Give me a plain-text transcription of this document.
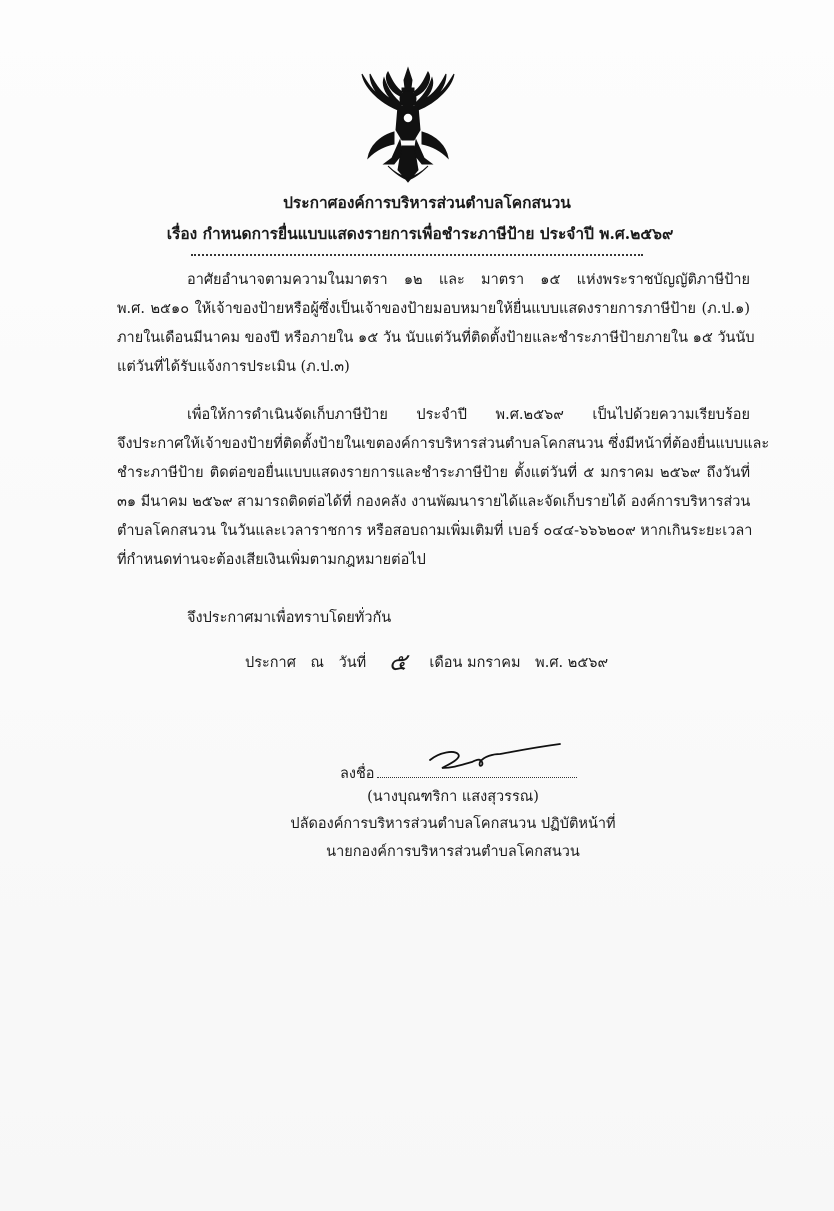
ประกาศองค์การบริหารส่วนตำบลโคกสนวน
เรื่อง กำหนดการยื่นแบบแสดงรายการเพื่อชำระภาษีป้าย ประจำปี พ.ศ.๒๕๖๙
อาศัยอำนาจตามความในมาตรา ๑๒ และ มาตรา ๑๕ แห่งพระราชบัญญัติภาษีป้าย
พ.ศ. ๒๕๑๐ ให้เจ้าของป้ายหรือผู้ซึ่งเป็นเจ้าของป้ายมอบหมายให้ยื่นแบบแสดงรายการภาษีป้าย (ภ.ป.๑)
ภายในเดือนมีนาคม ของปี หรือภายใน ๑๕ วัน นับแต่วันที่ติดตั้งป้ายและชำระภาษีป้ายภายใน ๑๕ วันนับ
แต่วันที่ได้รับแจ้งการประเมิน (ภ.ป.๓)
เพื่อให้การดำเนินจัดเก็บภาษีป้าย ประจำปี พ.ศ.๒๕๖๙ เป็นไปด้วยความเรียบร้อย
จึงประกาศให้เจ้าของป้ายที่ติดตั้งป้ายในเขตองค์การบริหารส่วนตำบลโคกสนวน ซึ่งมีหน้าที่ต้องยื่นแบบและ
ชำระภาษีป้าย ติดต่อขอยื่นแบบแสดงรายการและชำระภาษีป้าย ตั้งแต่วันที่ ๕ มกราคม ๒๕๖๙ ถึงวันที่
๓๑ มีนาคม ๒๕๖๙ สามารถติดต่อได้ที่ กองคลัง งานพัฒนารายได้และจัดเก็บรายได้ องค์การบริหารส่วน
ตำบลโคกสนวน ในวันและเวลาราชการ หรือสอบถามเพิ่มเติมที่ เบอร์ ๐๔๔-๖๖๖๒๐๙ หากเกินระยะเวลา
ที่กำหนดท่านจะต้องเสียเงินเพิ่มตามกฎหมายต่อไป
จึงประกาศมาเพื่อทราบโดยทั่วกัน
ประกาศ ณ วันที่ ๕ เดือน มกราคม พ.ศ. ๒๕๖๙
ลงชื่อ
(นางบุณฑริกา แสงสุวรรณ)
ปลัดองค์การบริหารส่วนตำบลโคกสนวน ปฏิบัติหน้าที่
นายกองค์การบริหารส่วนตำบลโคกสนวน
